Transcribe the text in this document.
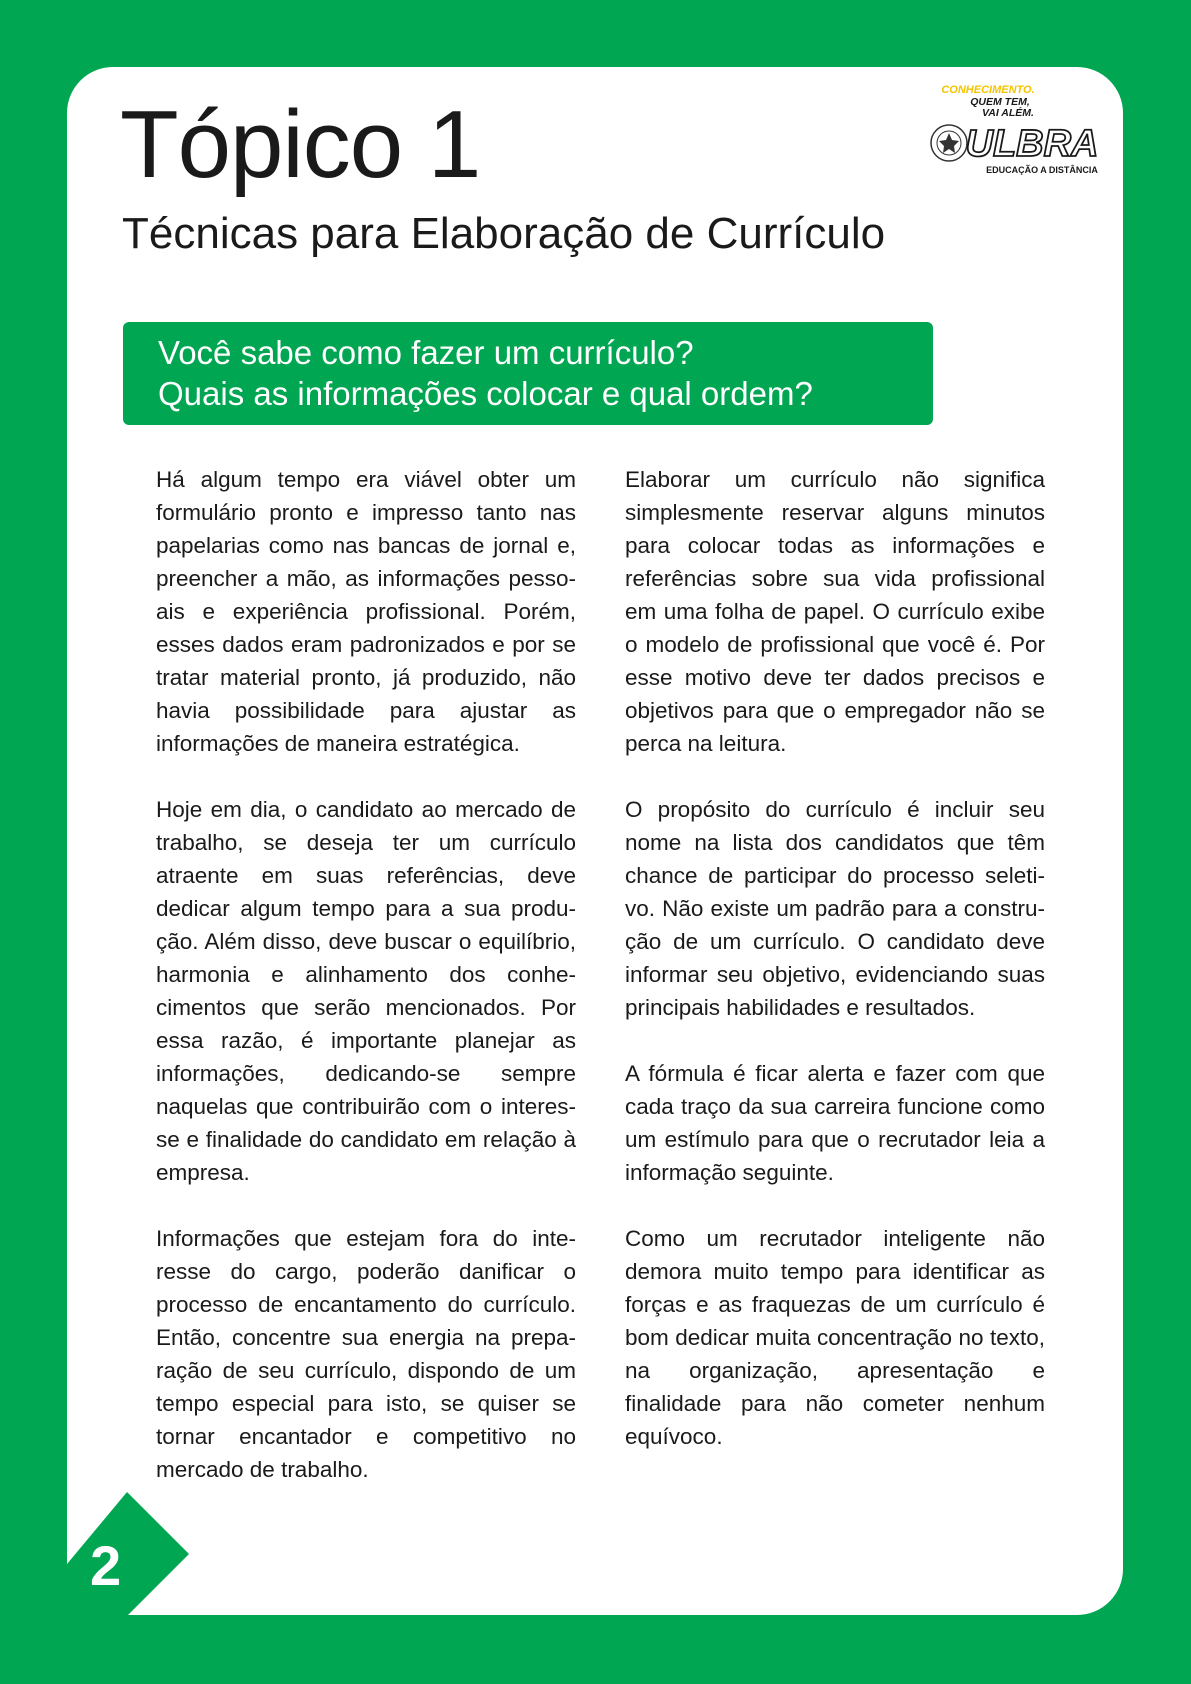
Tópico 1
Técnicas para Elaboração de Currículo
CONHECIMENTO.
QUEM TEM,
VAI ALÉM.
ULBRA
EDUCAÇÃO A DISTÂNCIA
Você sabe como fazer um currículo?
Quais as informações colocar e qual ordem?

Há algum tempo era viável obter um formulário pronto e impresso tanto nas papelarias como nas bancas de jornal e, preencher a mão, as informações pessoais e experiência profissional. Porém, esses dados eram padronizados e por se tratar material pronto, já produzido, não havia possibilidade para ajustar as informações de maneira estratégica.

Hoje em dia, o candidato ao mercado de trabalho, se deseja ter um currículo atraente em suas referências, deve dedicar algum tempo para a sua produção. Além disso, deve buscar o equilíbrio, harmonia e alinhamento dos conhecimentos que serão mencionados. Por essa razão, é importante planejar as informações, dedicando-se sempre naquelas que contribuirão com o interesse e finalidade do candidato em relação à empresa.

Informações que estejam fora do interesse do cargo, poderão danificar o processo de encantamento do currículo. Então, concentre sua energia na preparação de seu currículo, dispondo de um tempo especial para isto, se quiser se tornar encantador e competitivo no mercado de trabalho.

Elaborar um currículo não significa simplesmente reservar alguns minutos para colocar todas as informações e referências sobre sua vida profissional em uma folha de papel. O currículo exibe o modelo de profissional que você é. Por esse motivo deve ter dados precisos e objetivos para que o empregador não se perca na leitura.

O propósito do currículo é incluir seu nome na lista dos candidatos que têm chance de participar do processo seletivo. Não existe um padrão para a construção de um currículo. O candidato deve informar seu objetivo, evidenciando suas principais habilidades e resultados.

A fórmula é ficar alerta e fazer com que cada traço da sua carreira funcione como um estímulo para que o recrutador leia a informação seguinte.

Como um recrutador inteligente não demora muito tempo para identificar as forças e as fraquezas de um currículo é bom dedicar muita concentração no texto, na organização, apresentação e finalidade para não cometer nenhum equívoco.

2
